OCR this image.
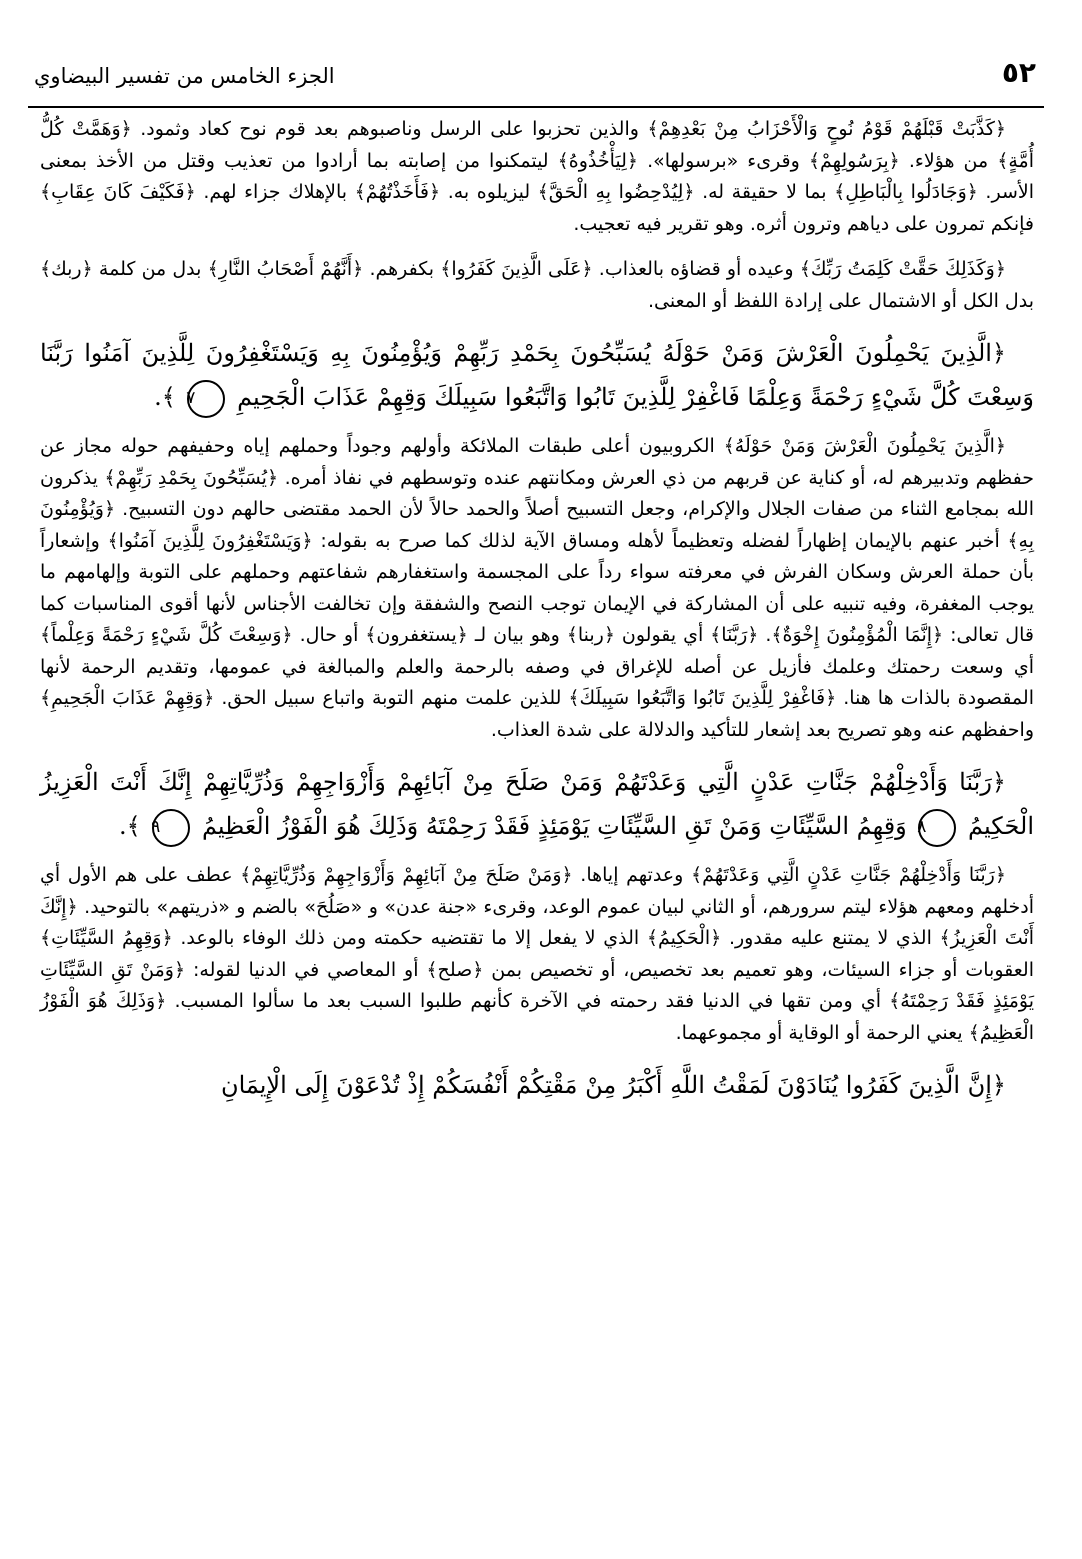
٥٢
الجزء الخامس من تفسير البيضاوي

﴿كَذَّبَتْ قَبْلَهُمْ قَوْمُ نُوحٍ وَالْأَحْزَابُ مِنْ بَعْدِهِمْ﴾ والذين تحزبوا على الرسل وناصبوهم بعد قوم نوح كعاد وثمود. ﴿وَهَمَّتْ كُلُّ أُمَّةٍ﴾ من هؤلاء. ﴿بِرَسُولِهِمْ﴾ وقرىء «برسولها». ﴿لِيَأْخُذُوهُ﴾ ليتمكنوا من إصابته بما أرادوا من تعذيب وقتل من الأخذ بمعنى الأسر. ﴿وَجَادَلُوا بِالْبَاطِلِ﴾ بما لا حقيقة له. ﴿لِيُدْحِضُوا بِهِ الْحَقَّ﴾ ليزيلوه به. ﴿فَأَخَذْتُهُمْ﴾ بالإهلاك جزاء لهم. ﴿فَكَيْفَ كَانَ عِقَابِ﴾ فإنكم تمرون على دياهم وترون أثره. وهو تقرير فيه تعجيب.

﴿وَكَذَلِكَ حَقَّتْ كَلِمَتُ رَبِّكَ﴾ وعيده أو قضاؤه بالعذاب. ﴿عَلَى الَّذِينَ كَفَرُوا﴾ بكفرهم. ﴿أَنَّهُمْ أَصْحَابُ النَّارِ﴾ بدل من كلمة ﴿ربك﴾ بدل الكل أو الاشتمال على إرادة اللفظ أو المعنى.

﴿الَّذِينَ يَحْمِلُونَ الْعَرْشَ وَمَنْ حَوْلَهُ يُسَبِّحُونَ بِحَمْدِ رَبِّهِمْ وَيُؤْمِنُونَ بِهِ وَيَسْتَغْفِرُونَ لِلَّذِينَ آمَنُوا رَبَّنَا وَسِعْتَ كُلَّ شَيْءٍ رَحْمَةً وَعِلْمًا فَاغْفِرْ لِلَّذِينَ تَابُوا وَاتَّبَعُوا سَبِيلَكَ وَقِهِمْ عَذَابَ الْجَحِيمِ ٧ ﴾.

﴿الَّذِينَ يَحْمِلُونَ الْعَرْشَ وَمَنْ حَوْلَهُ﴾ الكروبيون أعلى طبقات الملائكة وأولهم وجوداً وحملهم إياه وحفيفهم حوله مجاز عن حفظهم وتدبيرهم له، أو كناية عن قربهم من ذي العرش ومكانتهم عنده وتوسطهم في نفاذ أمره. ﴿يُسَبِّحُونَ بِحَمْدِ رَبِّهِمْ﴾ يذكرون الله بمجامع الثناء من صفات الجلال والإكرام، وجعل التسبيح أصلاً والحمد حالاً لأن الحمد مقتضى حالهم دون التسبيح. ﴿وَيُؤْمِنُونَ بِهِ﴾ أخبر عنهم بالإيمان إظهاراً لفضله وتعظيماً لأهله ومساق الآية لذلك كما صرح به بقوله: ﴿وَيَسْتَغْفِرُونَ لِلَّذِينَ آمَنُوا﴾ وإشعاراً بأن حملة العرش وسكان الفرش في معرفته سواء رداً على المجسمة واستغفارهم شفاعتهم وحملهم على التوبة وإلهامهم ما يوجب المغفرة، وفيه تنبيه على أن المشاركة في الإيمان توجب النصح والشفقة وإن تخالفت الأجناس لأنها أقوى المناسبات كما قال تعالى: ﴿إِنَّمَا الْمُؤْمِنُونَ إِخْوَةٌ﴾. ﴿رَبَّنَا﴾ أي يقولون ﴿ربنا﴾ وهو بيان لـ ﴿يستغفرون﴾ أو حال. ﴿وَسِعْتَ كُلَّ شَيْءٍ رَحْمَةً وَعِلْماً﴾ أي وسعت رحمتك وعلمك فأزيل عن أصله للإغراق في وصفه بالرحمة والعلم والمبالغة في عمومها، وتقديم الرحمة لأنها المقصودة بالذات ها هنا. ﴿فَاغْفِرْ لِلَّذِينَ تَابُوا وَاتَّبَعُوا سَبِيلَكَ﴾ للذين علمت منهم التوبة واتباع سبيل الحق. ﴿وَقِهِمْ عَذَابَ الْجَحِيمِ﴾ واحفظهم عنه وهو تصريح بعد إشعار للتأكيد والدلالة على شدة العذاب.

﴿رَبَّنَا وَأَدْخِلْهُمْ جَنَّاتِ عَدْنٍ الَّتِي وَعَدْتَهُمْ وَمَنْ صَلَحَ مِنْ آبَائِهِمْ وَأَزْوَاجِهِمْ وَذُرِّيَّاتِهِمْ إِنَّكَ أَنْتَ الْعَزِيزُ الْحَكِيمُ ٨ وَقِهِمُ السَّيِّئَاتِ وَمَنْ تَقِ السَّيِّئَاتِ يَوْمَئِذٍ فَقَدْ رَحِمْتَهُ وَذَلِكَ هُوَ الْفَوْزُ الْعَظِيمُ ٩ ﴾.

﴿رَبَّنَا وَأَدْخِلْهُمْ جَنَّاتِ عَدْنٍ الَّتِي وَعَدْتَهُمْ﴾ وعدتهم إياها. ﴿وَمَنْ صَلَحَ مِنْ آبَائِهِمْ وَأَزْوَاجِهِمْ وَذُرِّيَّاتِهِمْ﴾ عطف على هم الأول أي أدخلهم ومعهم هؤلاء ليتم سرورهم، أو الثاني لبيان عموم الوعد، وقرىء «جنة عدن» و «صَلُحَ» بالضم و «ذريتهم» بالتوحيد. ﴿إِنَّكَ أَنْتَ الْعَزِيزُ﴾ الذي لا يمتنع عليه مقدور. ﴿الْحَكِيمُ﴾ الذي لا يفعل إلا ما تقتضيه حكمته ومن ذلك الوفاء بالوعد. ﴿وَقِهِمُ السَّيِّئَاتِ﴾ العقوبات أو جزاء السيئات، وهو تعميم بعد تخصيص، أو تخصيص بمن ﴿صلح﴾ أو المعاصي في الدنيا لقوله: ﴿وَمَنْ تَقِ السَّيِّئَاتِ يَوْمَئِذٍ فَقَدْ رَحِمْتَهُ﴾ أي ومن تقها في الدنيا فقد رحمته في الآخرة كأنهم طلبوا السبب بعد ما سألوا المسبب. ﴿وَذَلِكَ هُوَ الْفَوْزُ الْعَظِيمُ﴾ يعني الرحمة أو الوقاية أو مجموعهما.

﴿إِنَّ الَّذِينَ كَفَرُوا يُنَادَوْنَ لَمَقْتُ اللَّهِ أَكْبَرُ مِنْ مَقْتِكُمْ أَنْفُسَكُمْ إِذْ تُدْعَوْنَ إِلَى الْإِيمَانِ
